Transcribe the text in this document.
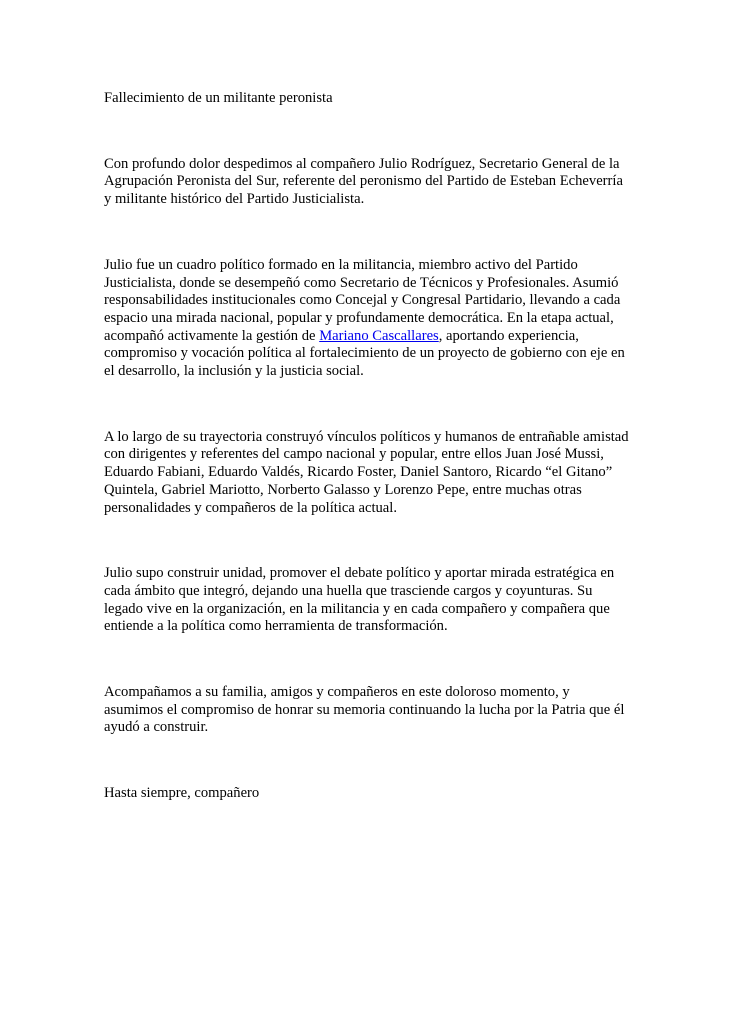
Fallecimiento de un militante peronista

Con profundo dolor despedimos al compañero Julio Rodríguez, Secretario General de la Agrupación Peronista del Sur, referente del peronismo del Partido de Esteban Echeverría y militante histórico del Partido Justicialista.

Julio fue un cuadro político formado en la militancia, miembro activo del Partido Justicialista, donde se desempeñó como Secretario de Técnicos y Profesionales. Asumió responsabilidades institucionales como Concejal y Congresal Partidario, llevando a cada espacio una mirada nacional, popular y profundamente democrática. En la etapa actual, acompañó activamente la gestión de Mariano Cascallares, aportando experiencia, compromiso y vocación política al fortalecimiento de un proyecto de gobierno con eje en el desarrollo, la inclusión y la justicia social.

A lo largo de su trayectoria construyó vínculos políticos y humanos de entrañable amistad con dirigentes y referentes del campo nacional y popular, entre ellos Juan José Mussi, Eduardo Fabiani, Eduardo Valdés, Ricardo Foster, Daniel Santoro, Ricardo “el Gitano” Quintela, Gabriel Mariotto, Norberto Galasso y Lorenzo Pepe, entre muchas otras personalidades y compañeros de la política actual.

Julio supo construir unidad, promover el debate político y aportar mirada estratégica en cada ámbito que integró, dejando una huella que trasciende cargos y coyunturas. Su legado vive en la organización, en la militancia y en cada compañero y compañera que entiende a la política como herramienta de transformación.

Acompañamos a su familia, amigos y compañeros en este doloroso momento, y asumimos el compromiso de honrar su memoria continuando la lucha por la Patria que él ayudó a construir.

Hasta siempre, compañero
